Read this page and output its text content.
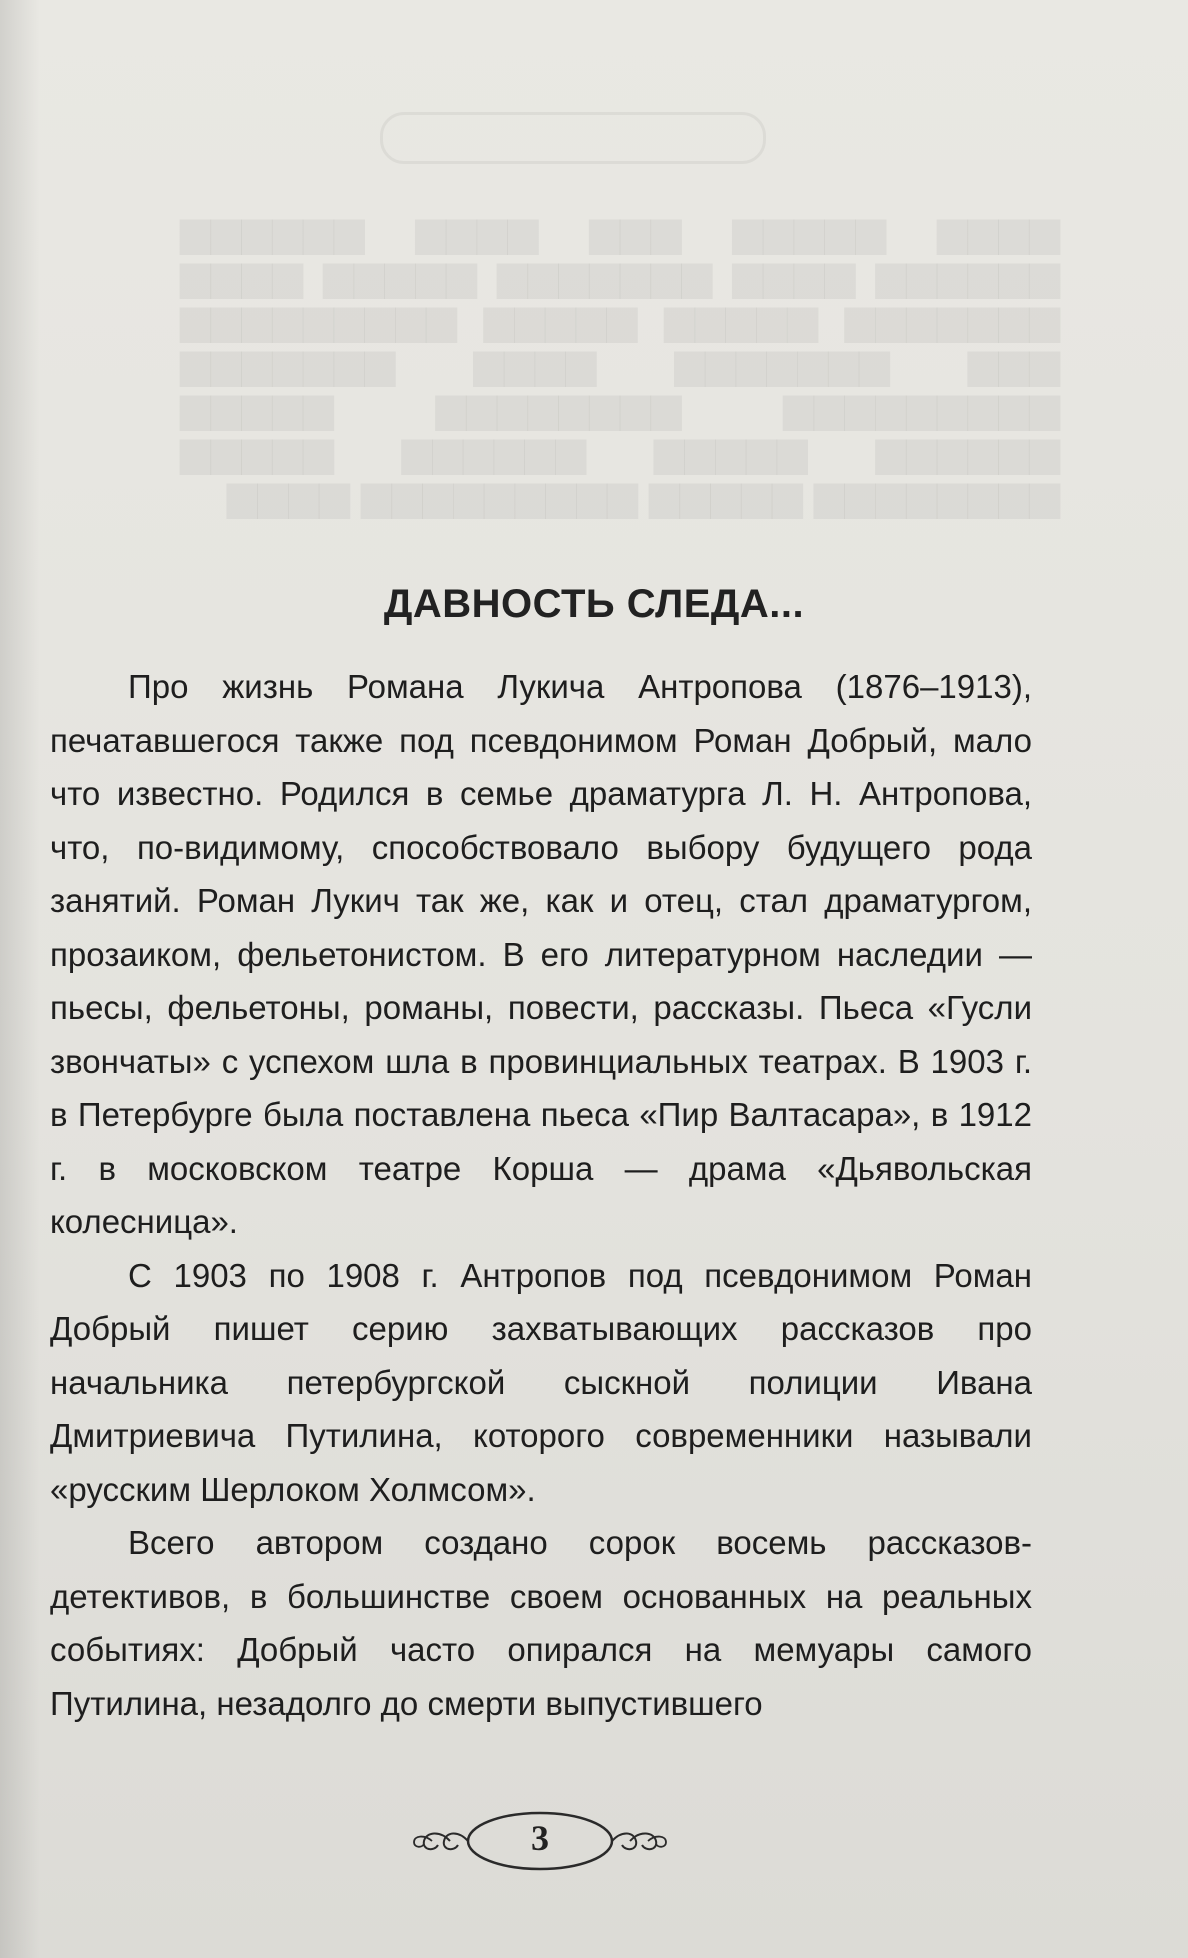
▆▆▆▆ ▆▆▆▆▆ ▆▆▆ ▆▆▆▆ ▆▆▆▆▆▆ ▆▆▆▆▆▆ ▆▆▆▆ ▆▆▆▆▆▆▆ ▆▆▆▆▆ ▆▆▆▆ ▆▆▆▆▆▆▆ ▆▆▆▆▆ ▆▆▆▆▆ ▆▆▆▆▆▆▆▆▆ ▆▆▆ ▆▆▆▆▆▆▆ ▆▆▆▆ ▆▆▆▆▆▆▆ ▆▆▆▆▆▆▆▆▆ ▆▆▆▆▆▆▆▆ ▆▆▆▆▆ ▆▆▆▆▆▆ ▆▆▆▆▆ ▆▆▆▆▆▆ ▆▆▆▆▆ ▆▆▆▆▆▆▆▆ ▆▆▆▆▆ ▆▆▆▆▆▆▆▆▆ ▆▆▆▆
ДАВНОСТЬ СЛЕДА...

Про жизнь Романа Лукича Антропова (1876–1913), печатавшегося также под псевдонимом Роман Добрый, мало что известно. Родился в семье драматурга Л. Н. Антропова, что, по-видимому, способствовало выбору будущего рода занятий. Роман Лукич так же, как и отец, стал драматургом, прозаиком, фельетонистом. В его литературном наследии — пьесы, фельетоны, романы, повести, рассказы. Пьеса «Гусли звончаты» с успехом шла в провинциальных театрах. В 1903 г. в Петербурге была поставлена пьеса «Пир Валтасара», в 1912 г. в московском театре Корша — драма «Дьявольская колесница».

С 1903 по 1908 г. Антропов под псевдонимом Роман Добрый пишет серию захватывающих рассказов про начальника петербургской сыскной полиции Ивана Дмитриевича Путилина, которого современники называли «русским Шерлоком Холмсом».

Всего автором создано сорок восемь рассказов-детективов, в большинстве своем основанных на реальных событиях: Добрый часто опирался на мемуары самого Путилина, незадолго до смерти выпустившего

3
